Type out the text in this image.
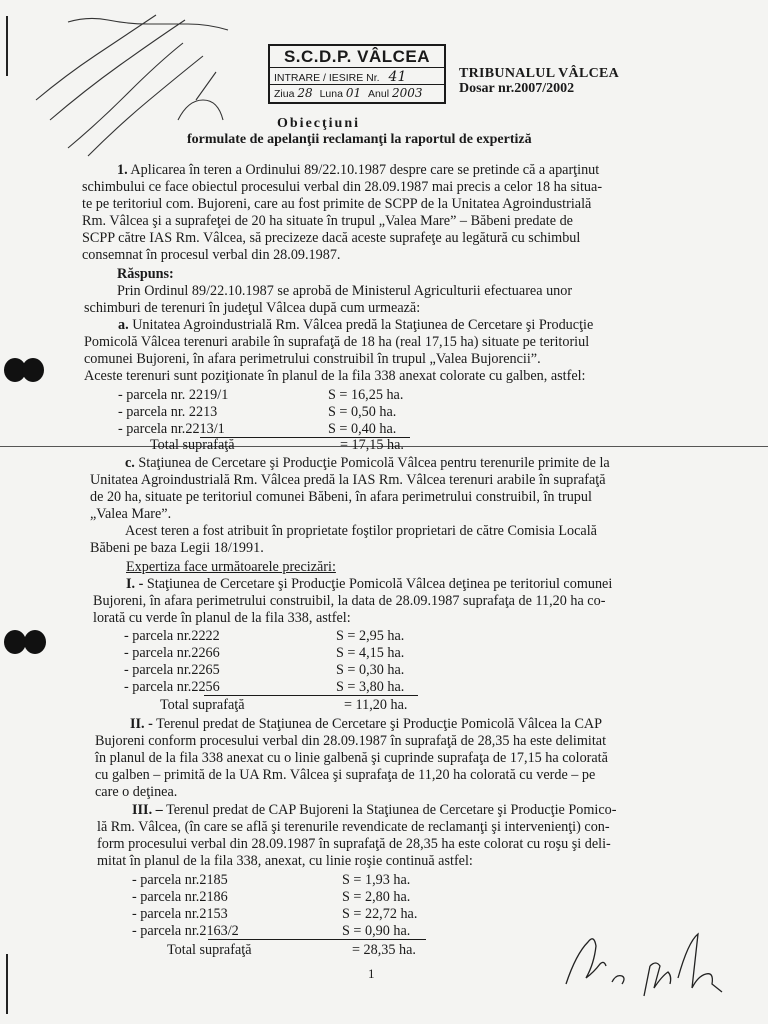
S.C.D.P. VÂLCEA
INTRARE / IESIRE Nr. 41
Ziua 28 Luna 01 Anul 2003
TRIBUNALUL VÂLCEA
Dosar nr.2007/2002
Obiecţiuni
formulate de apelanţii reclamanţi la raportul de expertiză
1. Aplicarea în teren a Ordinului 89/22.10.1987 despre care se pretinde că a aparţinut
schimbului ce face obiectul procesului verbal din 28.09.1987 mai precis a celor 18 ha situa-
te pe teritoriul com. Bujoreni, care au fost primite de SCPP de la Unitatea Agroindustrială
Rm. Vâlcea şi a suprafeţei de 20 ha situate în trupul „Valea Mare” – Băbeni predate de
SCPP către IAS Rm. Vâlcea, să precizeze dacă aceste suprafeţe au legătură cu schimbul
consemnat în procesul verbal din 28.09.1987.
Răspuns:
Prin Ordinul 89/22.10.1987 se aprobă de Ministerul Agriculturii efectuarea unor
schimburi de terenuri în judeţul Vâlcea după cum urmează:
a. Unitatea Agroindustrială Rm. Vâlcea predă la Staţiunea de Cercetare şi Producţie
Pomicolă Vâlcea terenuri arabile în suprafaţă de 18 ha (real 17,15 ha) situate pe teritoriul
comunei Bujoreni, în afara perimetrului construibil în trupul „Valea Bujorencii”.
Aceste terenuri sunt poziţionate în planul de la fila 338 anexat colorate cu galben, astfel:
- parcela nr. 2219/1	S = 16,25 ha.
- parcela nr. 2213	S = 0,50 ha.
- parcela nr.2213/1	S = 0,40 ha.
Total suprafaţă	= 17,15 ha.
c. Staţiunea de Cercetare şi Producţie Pomicolă Vâlcea pentru terenurile primite de la
Unitatea Agroindustrială Rm. Vâlcea predă la IAS Rm. Vâlcea terenuri arabile în suprafaţă
de 20 ha, situate pe teritoriul comunei Băbeni, în afara perimetrului construibil, în trupul
„Valea Mare”.
Acest teren a fost atribuit în proprietate foştilor proprietari de către Comisia Locală
Băbeni pe baza Legii 18/1991.
Expertiza face următoarele precizări:
I. - Staţiunea de Cercetare şi Producţie Pomicolă Vâlcea deţinea pe teritoriul comunei
Bujoreni, în afara perimetrului construibil, la data de 28.09.1987 suprafaţa de 11,20 ha co-
lorată cu verde în planul de la fila 338, astfel:
- parcela nr.2222	S = 2,95 ha.
- parcela nr.2266	S = 4,15 ha.
- parcela nr.2265	S = 0,30 ha.
- parcela nr.2256	S = 3,80 ha.
Total suprafaţă	= 11,20 ha.
II. - Terenul predat de Staţiunea de Cercetare şi Producţie Pomicolă Vâlcea la CAP
Bujoreni conform procesului verbal din 28.09.1987 în suprafaţă de 28,35 ha este delimitat
în planul de la fila 338 anexat cu o linie galbenă şi cuprinde suprafaţa de 17,15 ha colorată
cu galben – primită de la UA Rm. Vâlcea şi suprafaţa de 11,20 ha colorată cu verde – pe
care o deţinea.
III. – Terenul predat de CAP Bujoreni la Staţiunea de Cercetare şi Producţie Pomico-
lă Rm. Vâlcea, (în care se află şi terenurile revendicate de reclamanţi şi intervenienţi) con-
form procesului verbal din 28.09.1987 în suprafaţă de 28,35 ha este colorat cu roşu şi deli-
mitat în planul de la fila 338, anexat, cu linie roşie continuă astfel:
- parcela nr.2185	S = 1,93 ha.
- parcela nr.2186	S = 2,80 ha.
- parcela nr.2153	S = 22,72 ha.
- parcela nr.2163/2	S = 0,90 ha.
Total suprafaţă	= 28,35 ha.
1
